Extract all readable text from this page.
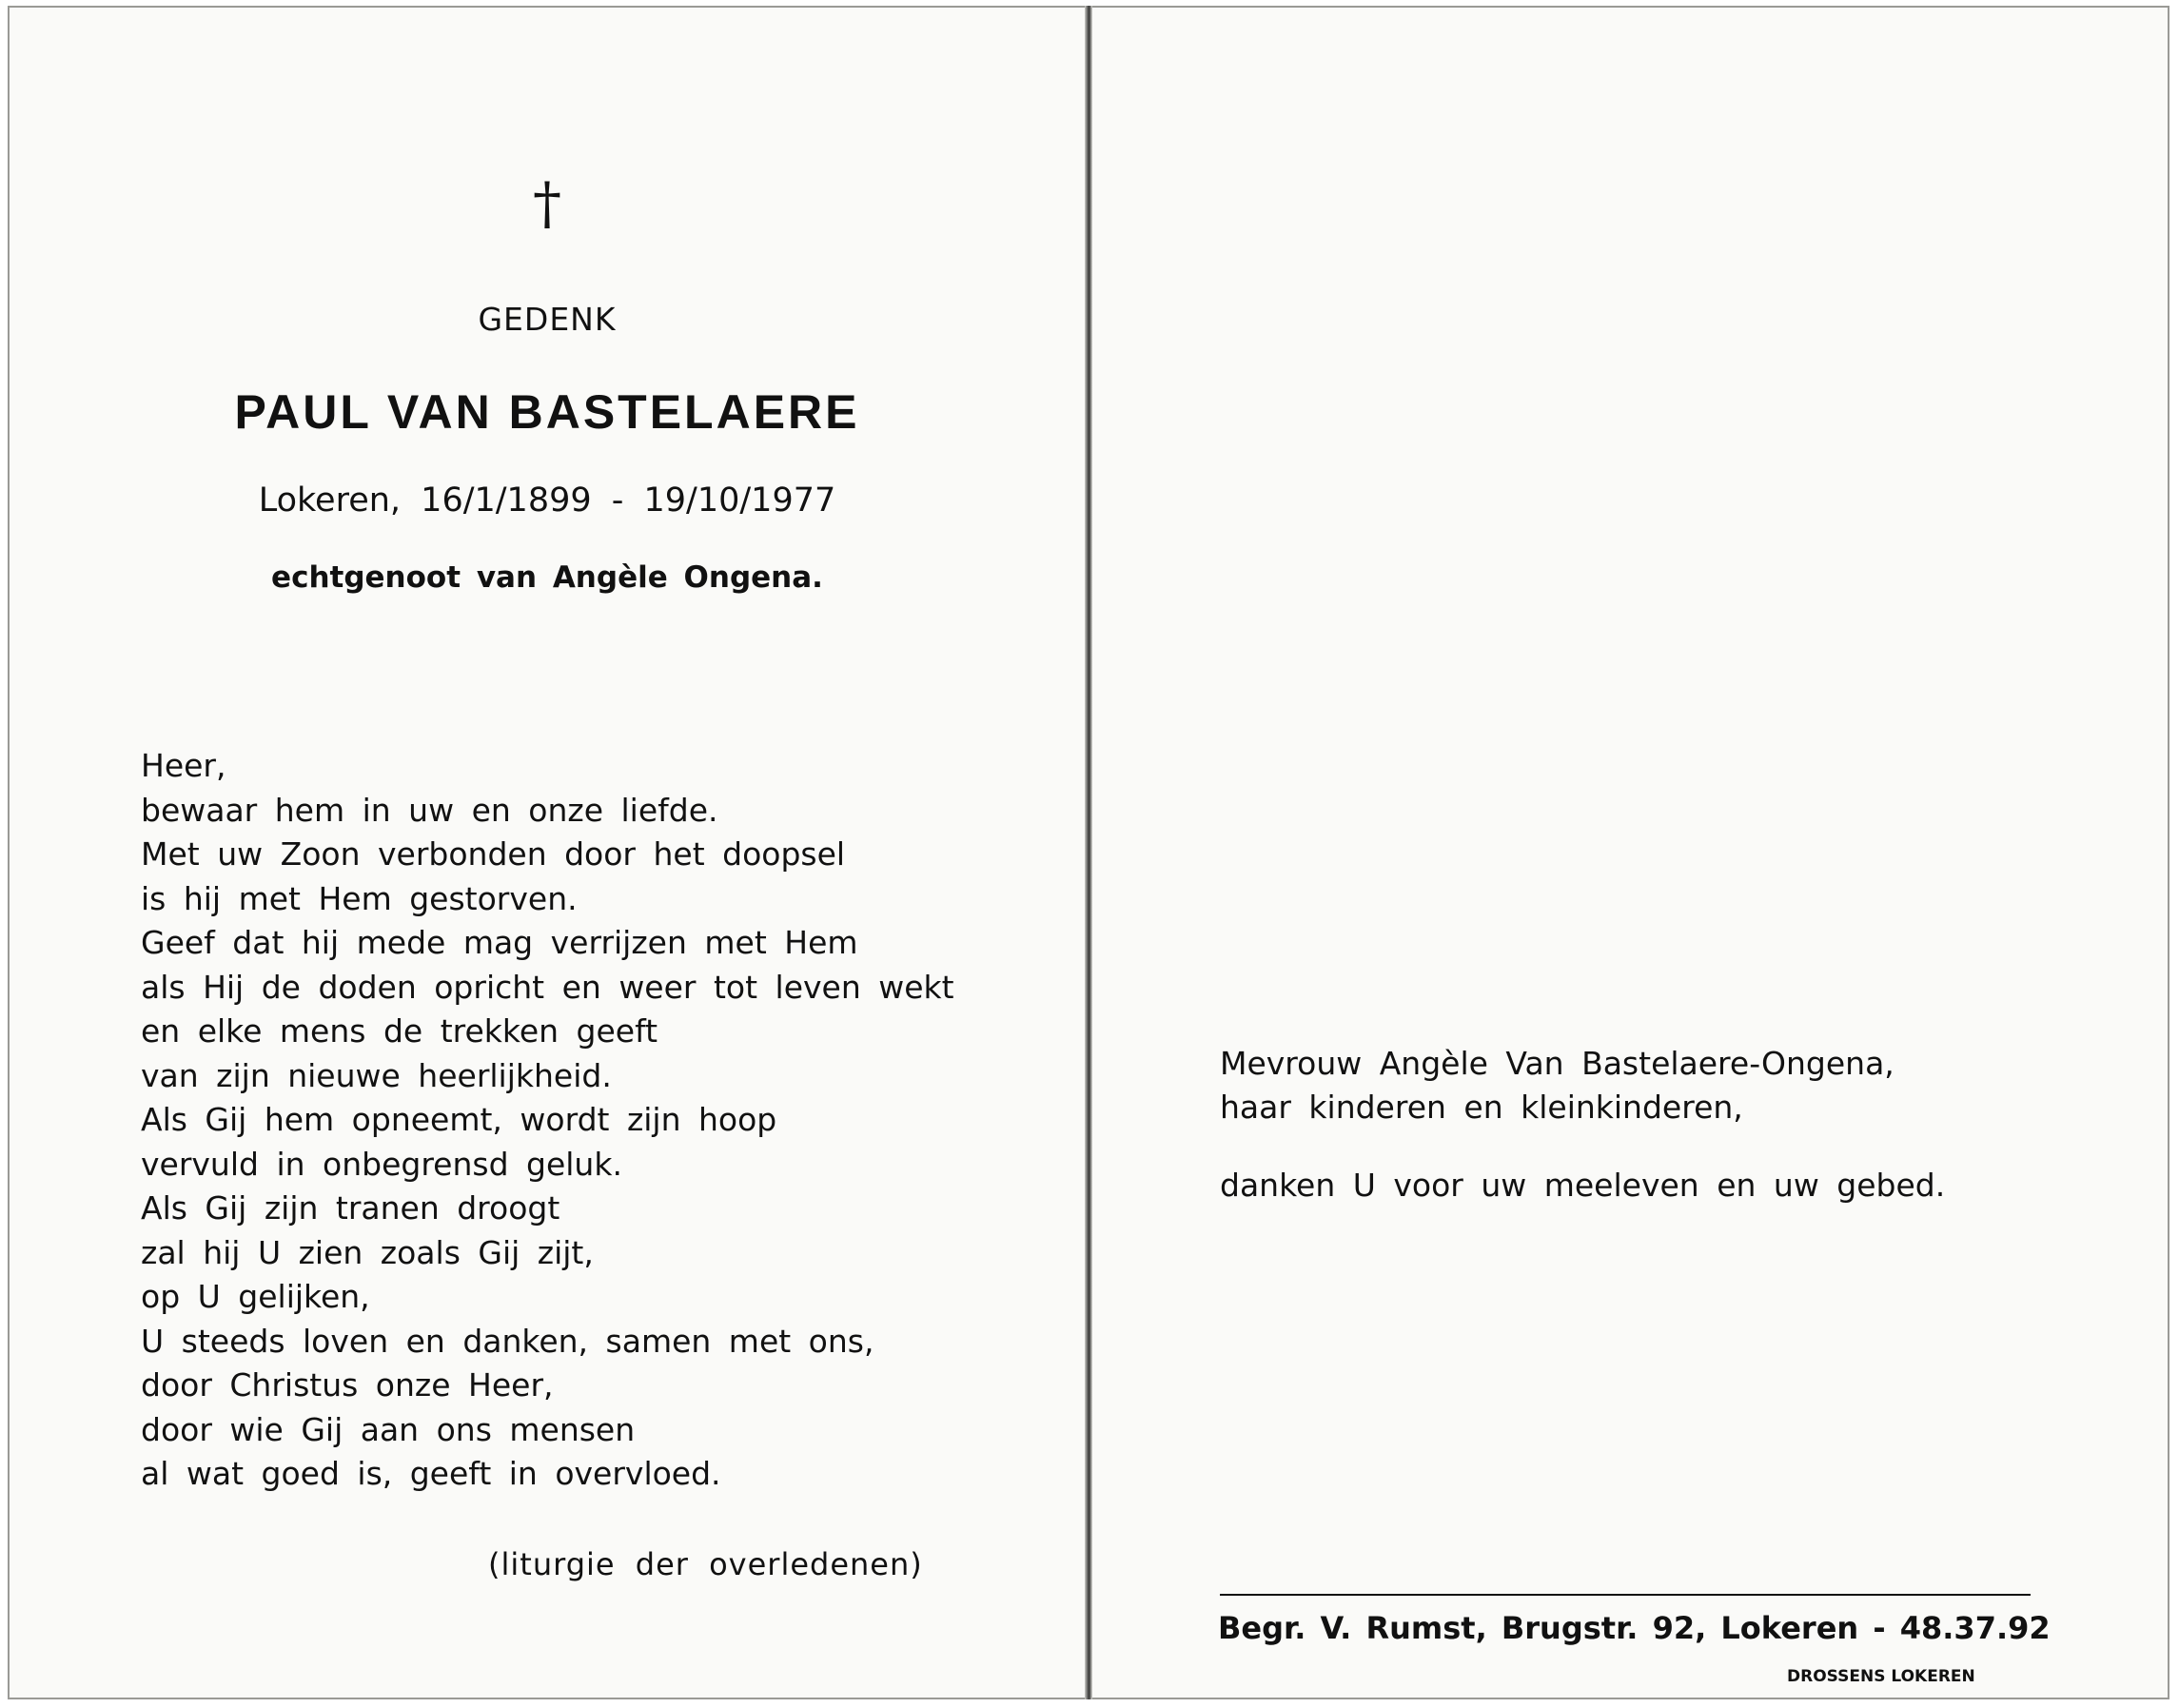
†
GEDENK
PAUL VAN BASTELAERE
Lokeren, 16/1/1899 - 19/10/1977
echtgenoot van Angèle Ongena.
Heer,
bewaar hem in uw en onze liefde.
Met uw Zoon verbonden door het doopsel
is hij met Hem gestorven.
Geef dat hij mede mag verrijzen met Hem
als Hij de doden opricht en weer tot leven wekt
en elke mens de trekken geeft
van zijn nieuwe heerlijkheid.
Als Gij hem opneemt, wordt zijn hoop
vervuld in onbegrensd geluk.
Als Gij zijn tranen droogt
zal hij U zien zoals Gij zijt,
op U gelijken,
U steeds loven en danken, samen met ons,
door Christus onze Heer,
door wie Gij aan ons mensen
al wat goed is, geeft in overvloed.
(liturgie der overledenen)
Mevrouw Angèle Van Bastelaere-Ongena,
haar kinderen en kleinkinderen,
danken U voor uw meeleven en uw gebed.
Begr. V. Rumst, Brugstr. 92, Lokeren - 48.37.92
DROSSENS LOKEREN
